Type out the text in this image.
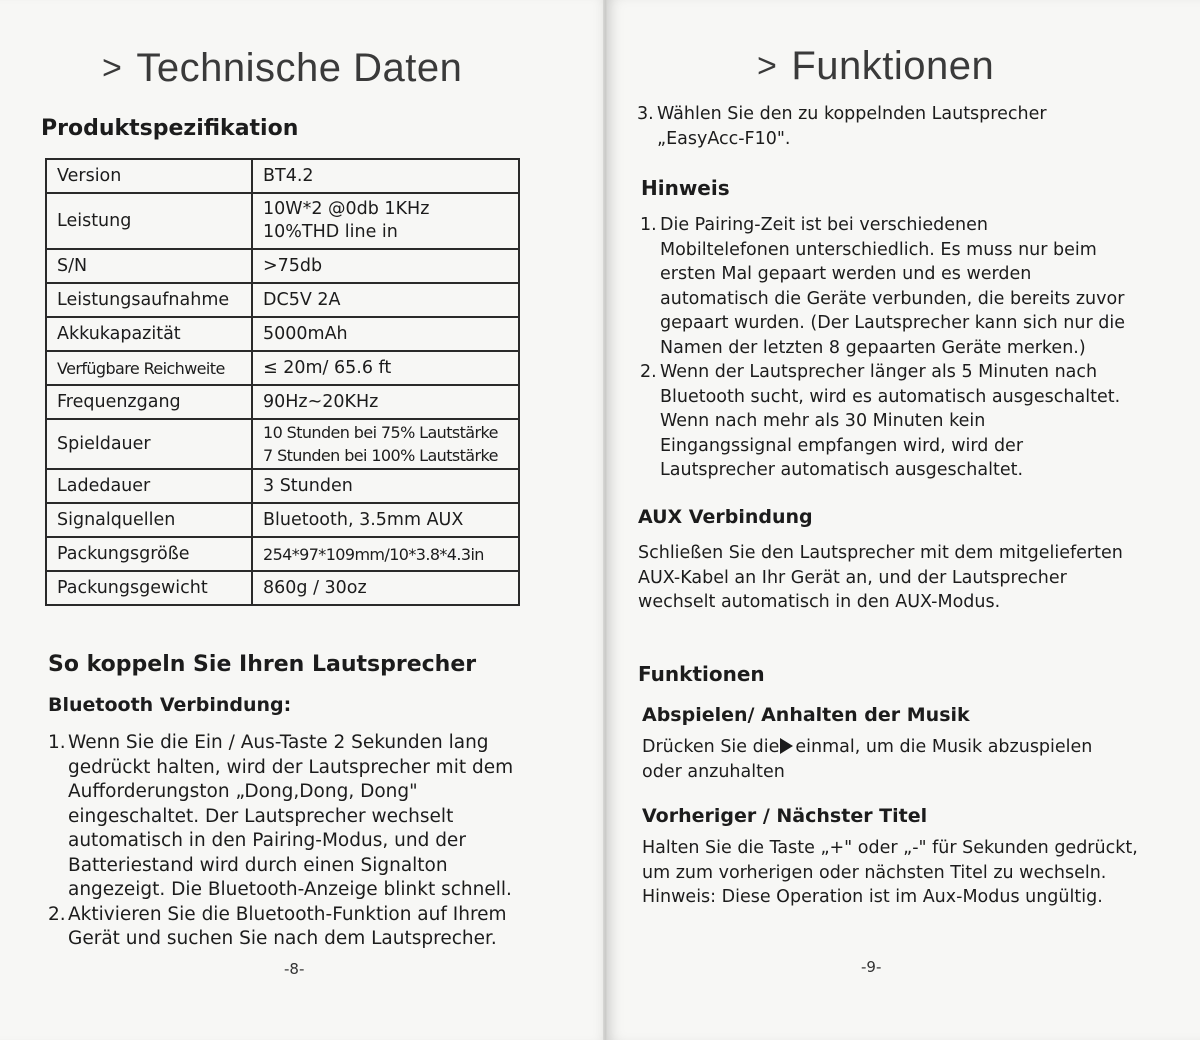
> Technische Daten
Produktspezifikation
Version	BT4.2

Leistung	10W*2 @0db 1KHz
10%THD line in

S/N	>75db

Leistungsaufnahme	DC5V 2A

Akkukapazität	5000mAh

Verfügbare Reichweite	≤ 20m/ 65.6 ft

Frequenzgang	90Hz~20KHz

Spieldauer	10 Stunden bei 75% Lautstärke
7 Stunden bei 100% Lautstärke

Ladedauer	3 Stunden

Signalquellen	Bluetooth, 3.5mm AUX

Packungsgröße	254*97*109mm/10*3.8*4.3in

Packungsgewicht	860g / 30oz
So koppeln Sie Ihren Lautsprecher
Bluetooth Verbindung:
1. Wenn Sie die Ein / Aus-Taste 2 Sekunden lang
gedrückt halten, wird der Lautsprecher mit dem
Aufforderungston „Dong,Dong, Dong"
eingeschaltet. Der Lautsprecher wechselt
automatisch in den Pairing-Modus, und der
Batteriestand wird durch einen Signalton
angezeigt. Die Bluetooth-Anzeige blinkt schnell.
2. Aktivieren Sie die Bluetooth-Funktion auf Ihrem
Gerät und suchen Sie nach dem Lautsprecher.
-8-
> Funktionen
3. Wählen Sie den zu koppelnden Lautsprecher
„EasyAcc-F10".
Hinweis
1. Die Pairing-Zeit ist bei verschiedenen
Mobiltelefonen unterschiedlich. Es muss nur beim
ersten Mal gepaart werden und es werden
automatisch die Geräte verbunden, die bereits zuvor
gepaart wurden. (Der Lautsprecher kann sich nur die
Namen der letzten 8 gepaarten Geräte merken.)
2. Wenn der Lautsprecher länger als 5 Minuten nach
Bluetooth sucht, wird es automatisch ausgeschaltet.
Wenn nach mehr als 30 Minuten kein
Eingangssignal empfangen wird, wird der
Lautsprecher automatisch ausgeschaltet.
AUX Verbindung
Schließen Sie den Lautsprecher mit dem mitgelieferten
AUX-Kabel an Ihr Gerät an, und der Lautsprecher
wechselt automatisch in den AUX-Modus.
Funktionen
Abspielen/ Anhalten der Musik
Drücken Sie die einmal, um die Musik abzuspielen
oder anzuhalten
Vorheriger / Nächster Titel
Halten Sie die Taste „+" oder „-" für Sekunden gedrückt,
um zum vorherigen oder nächsten Titel zu wechseln.
Hinweis: Diese Operation ist im Aux-Modus ungültig.
-9-
